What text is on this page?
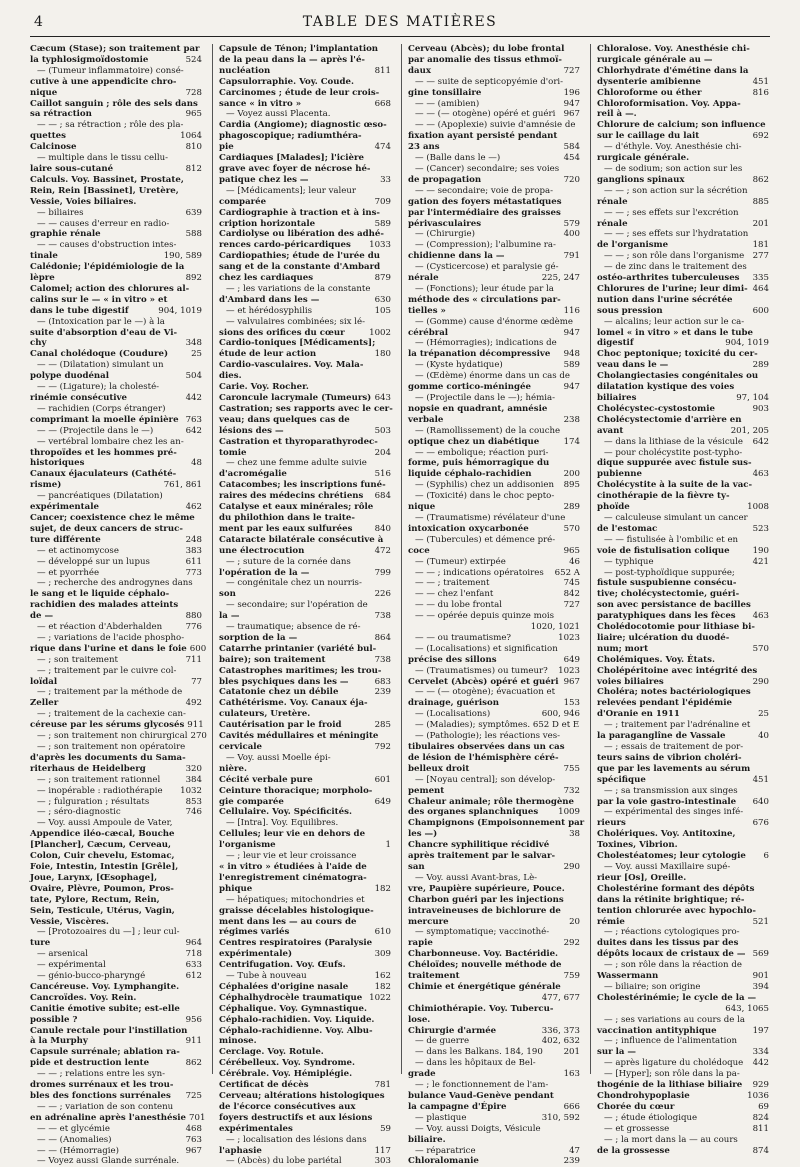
4	TABLE DES MATIÈRES
Cæcum (Stase); son traitement par
la typhlosigmoïdostomie	524
— (Tumeur inflammatoire) consé-
cutive à une appendicite chro-
nique	728
Caillot sanguin ; rôle des sels dans
sa rétraction	965
— — ; sa rétraction ; rôle des pla-
quettes	1064
Calcinose	810
— multiple dans le tissu cellu-
laire sous-cutané	812
Calculs. Voy. Bassinet, Prostate,
Rein, Rein [Bassinet], Uretère,
Vessie, Voies biliaires.
— biliaires	639
— — causes d'erreur en radio-
graphie rénale	588
— — causes d'obstruction intes-
tinale	190, 589
Calédonie; l'épidémiologie de la
lèpre	892
Calomel; action des chlorures al-
calins sur le — « in vitro » et
dans le tube digestif	904, 1019
— (Intoxication par le —) à la
suite d'absorption d'eau de Vi-
chy	348
Canal cholédoque (Coudure)	25
— — (Dilatation) simulant un
polype duodénal	504
— — (Ligature); la cholesté-
rinémie consécutive	442
— rachidien (Corps étranger)
comprimant la moelle épinière 763
— — (Projectile dans le —)	642
— vertébral lombaire chez les an-
thropoïdes et les hommes pré-
historiques	48
Canaux éjaculateurs (Cathété-
risme)	761, 861
— pancréatiques (Dilatation)
expérimentale	462
Cancer; coexistence chez le même
sujet, de deux cancers de struc-
ture différente	248
— et actinomycose	383
— développé sur un lupus	611
— et pyorrhée	773
— ; recherche des androgynes dans
le sang et le liquide céphalo-
rachidien des malades atteints
de —	880
— et réaction d'Abderhalden	776
— ; variations de l'acide phospho-
rique dans l'urine et dans le foie 600
— ; son traitement	711
— ; traitement par le cuivre col-
loïdal	77
— ; traitement par la méthode de
Zeller	492
— ; traitement de la cachexie can-
céreuse par les sérums glycosés 911
— ; son traitement non chirurgical 270
— ; son traitement non opératoire
d'après les documents du Sama-
riterhaus de Heidelberg	320
— ; son traitement rationnel	384
— inopérable : radiothérapie	1032
— ; fulguration ; résultats	853
— ; séro-diagnostic	746
— Voy. aussi Ampoule de Vater,
Appendice iléo-cæcal, Bouche
[Plancher], Cæcum, Cerveau,
Colon, Cuir chevelu, Estomac,
Foie, Intestin, Intestin [Grêle],
Joue, Larynx, [Œsophage],
Ovaire, Plèvre, Poumon, Pros-
tate, Pylore, Rectum, Rein,
Sein, Testicule, Utérus, Vagin,
Vessie, Viscères.
— [Protozoaires du —] ; leur cul-
ture	964
— arsenical	718
— expérimental	633
— génio-bucco-pharyngé	612
Cancéreuse. Voy. Lymphangite.
Cancroïdes. Voy. Rein.
Canitie émotive subite; est-elle
possible ?	956
Canule rectale pour l'instillation
à la Murphy	911
Capsule surrénale; ablation ra-
pide et destruction lente	862
— — ; relations entre les syn-
dromes surrénaux et les trou-
bles des fonctions surrénales	725
— — ; variation de son contenu
en adrénaline après l'anesthésie 701
— — et glycémie	468
— — (Anomalies)	763
— — (Hémorragie)	967
— Voyez aussi Glande surrénale.
Capsule de Ténon; l'implantation
de la peau dans la — après l'é-
nucléation	811
Capsulorraphie. Voy. Coude.
Carcinomes ; étude de leur crois-
sance « in vitro »	668
— Voyez aussi Placenta.
Cardia (Angiome); diagnostic œso-
phagoscopique; radiumthéra-
pie	474
Cardiaques [Malades]; l'icière
grave avec foyer de nécrose hé-
patique chez les —	33
— [Médicaments]; leur valeur
comparée	709
Cardiographie à traction et à ins-
cription horizontale	589
Cardiolyse ou libération des adhé-
rences cardo-péricardiques	1033
Cardiopathies; étude de l'urée du
sang et de la constante d'Ambard
chez les cardiaques	879
— ; les variations de la constante
d'Ambard dans les —	630
— et hérédosyphilis	105
— valvulaires combinées; six lé-
sions des orifices du cœur	1002
Cardio-toniques [Médicaments];
étude de leur action	180
Cardio-vasculaires. Voy. Mala-
dies.
Carie. Voy. Rocher.
Caroncule lacrymale (Tumeurs) 643
Castration; ses rapports avec le cer-
veau; dans quelques cas de
lésions des —	503
Castration et thyroparathyrodec-
tomie	204
— chez une femme adulte suivie
d'acromégalie	516
Catacombes; les inscriptions funé-
raires des médecins chrétiens	684
Catalyse et eaux minérales; rôle
du philothion dans le traite-
ment par les eaux sulfurées	840
Cataracte bilatérale consécutive à
une électrocution	472
— ; suture de la cornée dans
l'opération de la —	799
— congénitale chez un nourris-
son	226
— secondaire; sur l'opération de
la —	738
— traumatique; absence de ré-
sorption de la —	864
Catarrhe printanier (variété bul-
baire); son traitement	738
Catastrophes maritimes; les trou-
bles psychiques dans les —	683
Catatonie chez un débile	239
Cathétérisme. Voy. Canaux éja-
culateurs, Uretère.
Cautérisation par le froid	285
Cavités médullaires et méningite
cervicale	792
— Voy. aussi Moelle épi-
nière.
Cécité verbale pure	601
Ceinture thoracique; morpholo-
gie comparée	649
Cellulaire. Voy. Spécificités.
— [Intra]. Voy. Equilibres.
Cellules; leur vie en dehors de
l'organisme	1
— ; leur vie et leur croissance
« in vitro » étudiées à l'aide de
l'enregistrement cinématogra-
phique	182
— hépatiques; mitochondries et
graisse décelables histologique-
ment dans les — au cours de
régimes variés	610
Centres respiratoires (Paralysie
expérimentale)	309
Centrifugation. Voy. Œufs.
— Tube à nouveau	162
Céphalées d'origine nasale	182
Céphalhydrocèle traumatique 1022
Céphalique. Voy. Gymnastique.
Céphalo-rachidien. Voy. Liquide.
Céphalo-rachidienne. Voy. Albu-
minose.
Cerclage. Voy. Rotule.
Cérébelleux. Voy. Syndrome.
Cérébrale. Voy. Hémiplégie.
Certificat de décès	781
Cerveau; altérations histologiques
de l'écorce consécutives aux
foyers destructifs et aux lésions
expérimentales	59
— ; localisation des lésions dans
l'aphasie	117
— (Abcès) du lobe pariétal	303
Cerveau (Abcès); du lobe frontal
par anomalie des tissus ethmoï-
daux	727
— — suite de septicopyémie d'ori-
gine tonsillaire	196
— — (amibien)	947
— — (— otogène) opéré et guéri 967
— — (Apoplexie) suivie d'amnésie de
fixation ayant persisté pendant
23 ans	584
— (Balle dans le —)	454
— (Cancer) secondaire; ses voies
de propagation	720
— — secondaire; voie de propa-
gation des foyers métastatiques
par l'intermédiaire des graisses
périvasculaires	579
— (Chirurgie)	400
— (Compression); l'albumine ra-
chidienne dans la —	791
— (Cysticercose) et paralysie gé-
nérale	225, 247
— (Fonctions); leur étude par la
méthode des « circulations par-
tielles »	116
— (Gomme) cause d'énorme œdème
cérébral	947
— (Hémorragies); indications de
la trépanation décompressive	948
— (Kyste hydatique)	589
— (Œdème) énorme dans un cas de
gomme cortico-méningée	947
— (Projectile dans le —); hémia-
nopsie en quadrant, amnésie
verbale	238
— (Ramollissement) de la couche
optique chez un diabétique	174
— — embolique; réaction puri-
forme, puis hémorragique du
liquide céphalo-rachidien	200
— (Syphilis) chez un addisonien	895
— (Toxicité) dans le choc pepto-
nique	289
— (Traumatisme) révélateur d'une
intoxication oxycarbonée	570
— (Tubercules) et démence pré-
coce	965
— (Tumeur) extirpée	46
— — ; indications opératoires	652 A
— — ; traitement	745
— — chez l'enfant	842
— — du lobe frontal	727
— — opérée depuis quinze mois
1020, 1021
— — ou traumatisme?	1023
— (Localisations) et signification
précise des sillons	649
— (Traumatismes) ou tumeur?	1023
Cervelet (Abcès) opéré et guéri 967
— — (— otogène); évacuation et
drainage, guérison	153
— (Localisations)	600, 946
— (Maladies); symptômes. 652 D et E
— (Pathologie); les réactions ves-
tibulaires observées dans un cas
de lésion de l'hémisphère céré-
belleux droit	755
— [Noyau central]; son dévelop-
pement	732
Chaleur animale; rôle thermogène
des organes splanchniques	1009
Champignons (Empoisonnement par
les —)	38
Chancre syphilitique récidivé
après traitement par le salvar-
san	290
— Voy. aussi Avant-bras, Lè-
vre, Paupière supérieure, Pouce.
Charbon guéri par les injections
intraveineuses de bichlorure de
mercure	20
— symptomatique; vaccinothé-
rapie	292
Charbonneuse. Voy. Bactéridie.
Chéloïdes; nouvelle méthode de
traitement	759
Chimie et énergétique générale
477, 677
Chimiothérapie. Voy. Tubercu-
lose.
Chirurgie d'armée	336, 373
— de guerre	402, 632
— dans les Balkans. 184, 190	201
— dans les hôpitaux de Bel-
grade	163
— ; le fonctionnement de l'am-
bulance Vaud-Genève pendant
la campagne d'Épire	666
— plastique	310, 592
— Voy. aussi Doigts, Vésicule
biliaire.
— réparatrice	47
Chloralomanie	239
Chloralose. Voy. Anesthésie chi-
rurgicale générale au —
Chlorhydrate d'émétine dans la
dysenterie amibienne	451
Chloroforme ou éther	816
Chloroformisation. Voy. Appa-
reil à —.
Chlorure de calcium; son influence
sur le caillage du lait	692
— d'éthyle. Voy. Anesthésie chi-
rurgicale générale.
— de sodium; son action sur les
ganglions spinaux	862
— — ; son action sur la sécrétion
rénale	885
— — ; ses effets sur l'excrétion
rénale	201
— — ; ses effets sur l'hydratation
de l'organisme	181
— — ; son rôle dans l'organisme 277
— de zinc dans le traitement des
ostéo-arthrites tuberculeuses	335
Chlorures de l'urine; leur dimi- 464
nution dans l'urine sécrétée
sous pression	600
— alcalins; leur action sur le ca-
lomel « in vitro » et dans le tube
digestif	904, 1019
Choc peptonique; toxicité du cer-
veau dans le —	289
Cholangiectasies congénitales ou
dilatation kystique des voies
biliaires	97, 104
Cholécystec-cystostomie	903
Cholécystectomie d'arrière en
avant	201, 205
— dans la lithiase de la vésicule	642
— pour cholécystite post-typho-
dique suppurée avec fistule sus-
pubienne	463
Cholécystite à la suite de la vac-
cinothérapie de la fièvre ty-
phoïde	1008
— calculeuse simulant un cancer
de l'estomac	523
— — fistulisée à l'ombilic et en
voie de fistulisation colique	190
— typhique	421
— post-typhoïdique suppurée;
fistule suspubienne consécu-
tive; cholécystectomie, guéri-
son avec persistance de bacilles
paratyphiques dans les fèces	463
Cholédocotomie pour lithiase bi-
liaire; ulcération du duodé-
num; mort	570
Cholémiques. Voy. États.
Cholépéritoine avec intégrité des
voies biliaires	290
Choléra; notes bactériologiques
relevées pendant l'épidémie
d'Oranie en 1911	25
— ; traitement par l'adrénaline et
la paraganglîne de Vassale	40
— ; essais de traitement de por-
teurs sains de vibrion choléri-
que par les lavements au sérum
spécifique	451
— ; sa transmission aux singes
par la voie gastro-intestinale	640
— expérimental des singes infé-
rieurs	676
Cholériques. Voy. Antitoxine,
Toxines, Vibrion.
Cholestéatomes; leur cytologie	6
— Voy. aussi Maxillaire supé-
rieur [Os], Oreille.
Cholestérine formant des dépôts
dans la rétinite brightique; ré-
tention chlorurée avec hypochlo-
rémie	521
— ; réactions cytologiques pro-
duites dans les tissus par des
dépôts locaux de cristaux de — 569
— ; son rôle dans la réaction de
Wassermann	901
— biliaire; son origine	394
Cholestérinémie; le cycle de la —
643, 1065
— ; ses variations au cours de la
vaccination antityphique	197
— ; influence de l'alimentation
sur la —	334
— après ligature du cholédoque	442
— [Hyper]; son rôle dans la pa-
thogénie de la lithiase biliaire	929
Chondrohypoplasie	1036
Chorée du cœur	69
— ; étude étiologique	824
— et grossesse	811
— ; la mort dans la — au cours
de la grossesse	874
